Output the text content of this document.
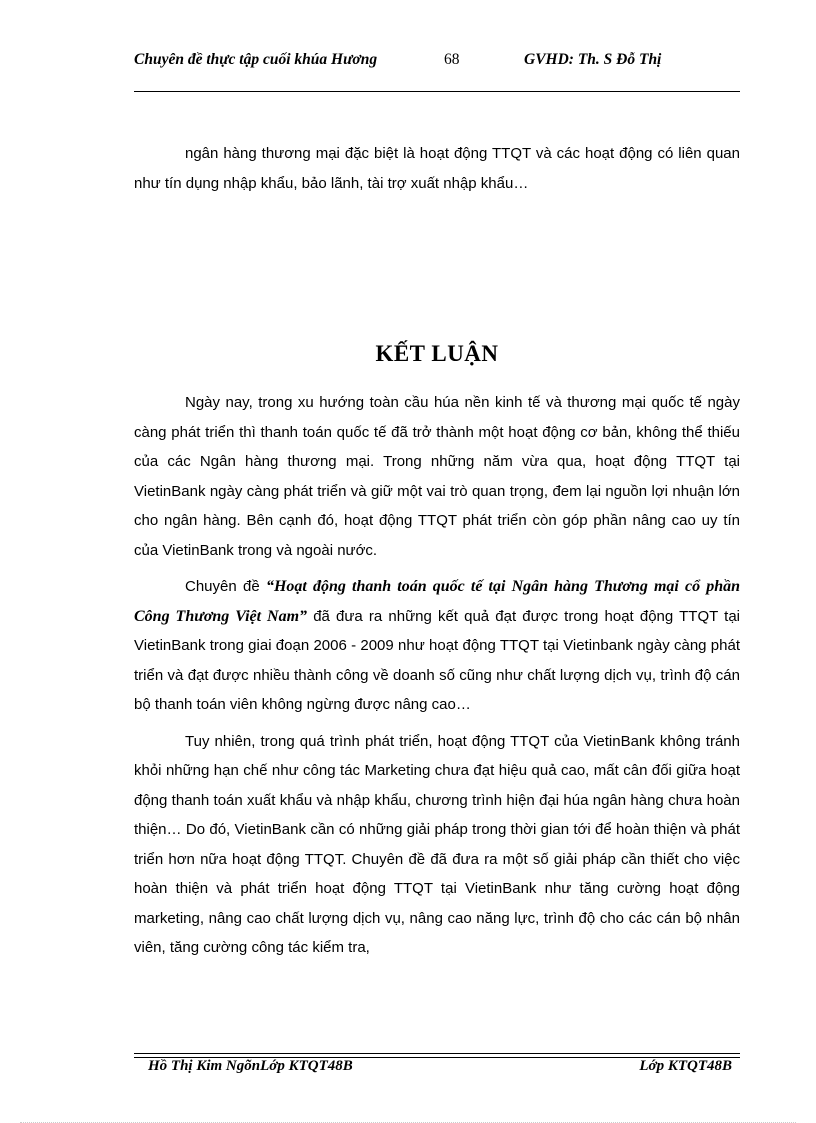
Chuyên đề thực tập cuối khúa Hương	68	GVHD: Th. S Đỗ Thị

ngân hàng thương mại đặc biệt là hoạt động TTQT và các hoạt động có liên quan như tín dụng nhập khẩu, bảo lãnh, tài trợ xuất nhập khẩu…

KẾT LUẬN

Ngày nay, trong xu hướng toàn cầu húa nền kinh tế và thương mại quốc tế ngày càng phát triển thì thanh toán quốc tế đã trở thành một hoạt động cơ bản, không thể thiếu của các Ngân hàng thương mại. Trong những năm vừa qua, hoạt động TTQT tại VietinBank ngày càng phát triển và giữ một vai trò quan trọng, đem lại nguồn lợi nhuận lớn cho ngân hàng. Bên cạnh đó, hoạt động TTQT phát triển còn góp phần nâng cao uy tín của VietinBank trong và ngoài nước.

Chuyên đề “Hoạt động thanh toán quốc tế tại Ngân hàng Thương mại cổ phần Công Thương Việt Nam” đã đưa ra những kết quả đạt được trong hoạt động TTQT tại VietinBank trong giai đoạn 2006 - 2009 như hoạt động TTQT tại Vietinbank ngày càng phát triển và đạt được nhiều thành công về doanh số cũng như chất lượng dịch vụ, trình độ cán bộ thanh toán viên không ngừng được nâng cao…

Tuy nhiên, trong quá trình phát triển, hoạt động TTQT của VietinBank không tránh khỏi những hạn chế như công tác Marketing chưa đạt hiệu quả cao, mất cân đối giữa hoạt động thanh toán xuất khẩu và nhập khẩu, chương trình hiện đại húa ngân hàng chưa hoàn thiện… Do đó, VietinBank cần có những giải pháp trong thời gian tới để hoàn thiện và phát triển hơn nữa hoạt động TTQT. Chuyên đề đã đưa ra một số giải pháp cần thiết cho việc hoàn thiện và phát triển hoạt động TTQT tại VietinBank như tăng cường hoạt động marketing, nâng cao chất lượng dịch vụ, nâng cao năng lực, trình độ cho các cán bộ nhân viên, tăng cường công tác kiểm tra,

Hồ Thị Kim NgõnLớp KTQT48B	Lớp KTQT48B
